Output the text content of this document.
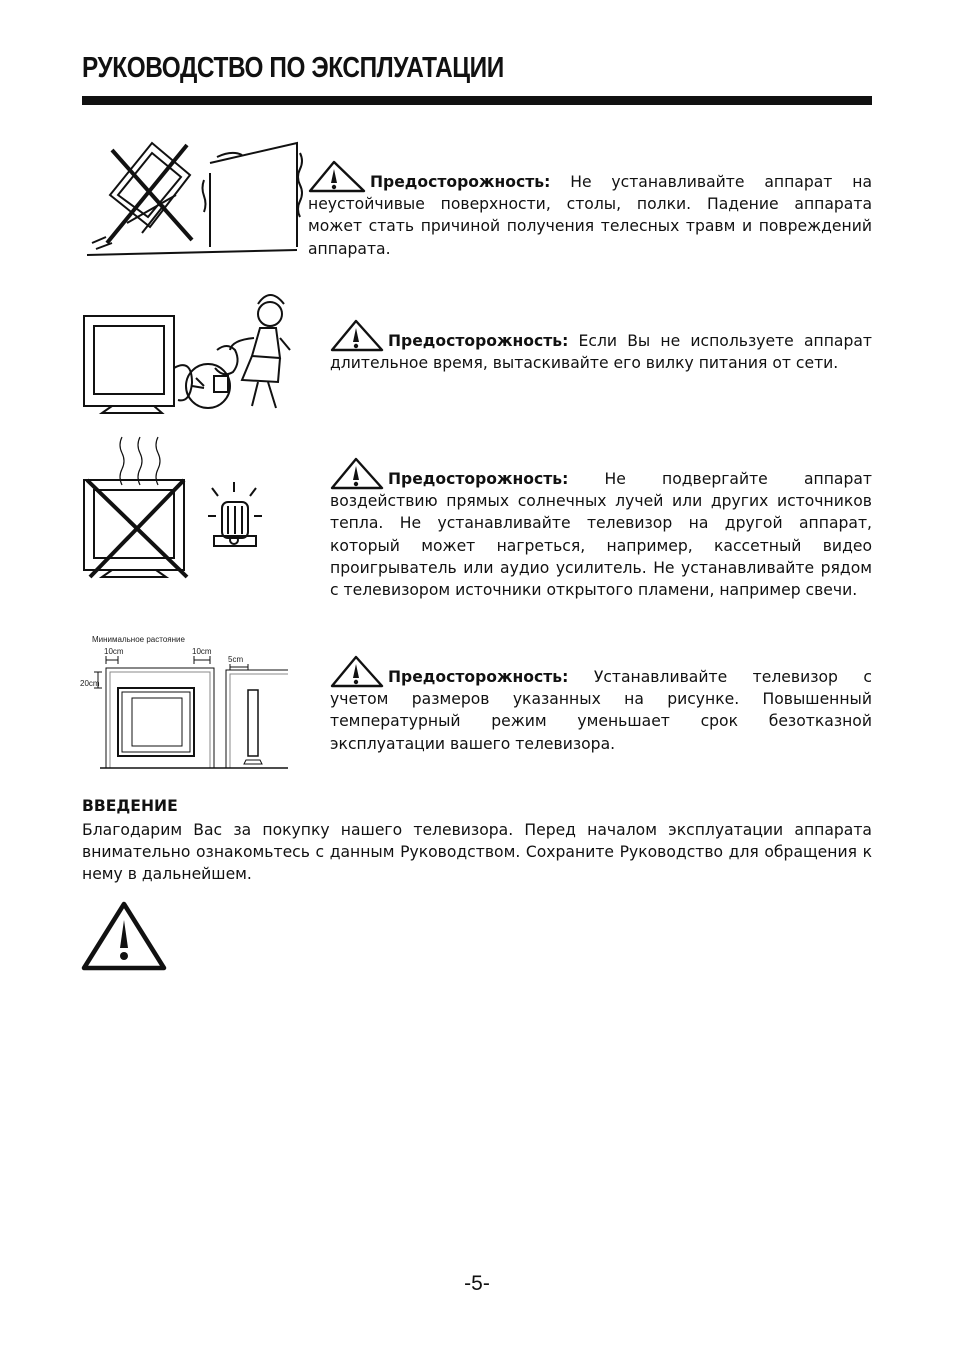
РУКОВОДСТВО ПО ЭКСПЛУАТАЦИИ

Предосторожность: Не устанавливайте аппарат на неустойчивые поверхности, столы, полки. Падение аппарата может стать причиной получения телесных травм и повреждений аппарата.

Предосторожность: Если Вы не используете аппарат длительное время, вытаскивайте его вилку питания от сети.

Предосторожность: Не подвергайте аппарат воздействию прямых солнечных лучей или других источников тепла. Не устанавливайте телевизор на другой аппарат, который может нагреться, например, кассетный видео проигрыватель или аудио усилитель. Не устанавливайте рядом с телевизором источники открытого пламени, например свечи.

Минимальное растояние
10cm	10cm
20cm
5cm

Предосторожность: Устанавливайте телевизор с учетом размеров указанных на рисунке. Повышенный температурный режим уменьшает срок безотказной эксплуатации вашего телевизора.

ВВЕДЕНИЕ

Благодарим Вас за покупку нашего телевизора. Перед началом эксплуатации аппарата внимательно ознакомьтесь с данным Руководством. Сохраните Руководство для обращения к нему в дальнейшем.

-5-
